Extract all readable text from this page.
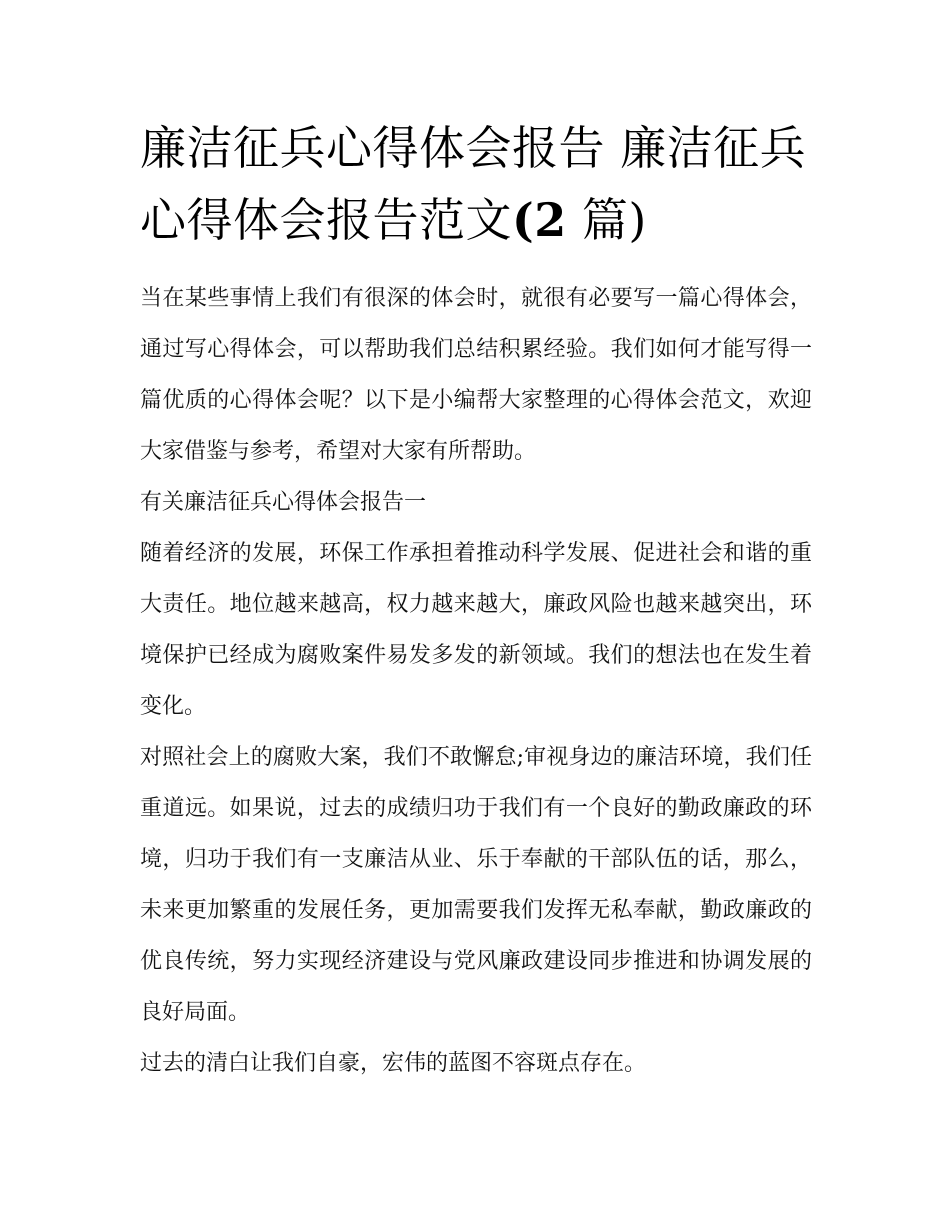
廉洁征兵心得体会报告 廉洁征兵心得体会报告范文(2 篇)

当在某些事情上我们有很深的体会时，就很有必要写一篇心得体会，通过写心得体会，可以帮助我们总结积累经验。我们如何才能写得一篇优质的心得体会呢？以下是小编帮大家整理的心得体会范文，欢迎大家借鉴与参考，希望对大家有所帮助。

有关廉洁征兵心得体会报告一

随着经济的发展，环保工作承担着推动科学发展、促进社会和谐的重大责任。地位越来越高，权力越来越大，廉政风险也越来越突出，环境保护已经成为腐败案件易发多发的新领域。我们的想法也在发生着变化。

对照社会上的腐败大案，我们不敢懈怠;审视身边的廉洁环境，我们任重道远。如果说，过去的成绩归功于我们有一个良好的勤政廉政的环境，归功于我们有一支廉洁从业、乐于奉献的干部队伍的话，那么，未来更加繁重的发展任务，更加需要我们发挥无私奉献，勤政廉政的优良传统，努力实现经济建设与党风廉政建设同步推进和协调发展的良好局面。

过去的清白让我们自豪，宏伟的蓝图不容斑点存在。
